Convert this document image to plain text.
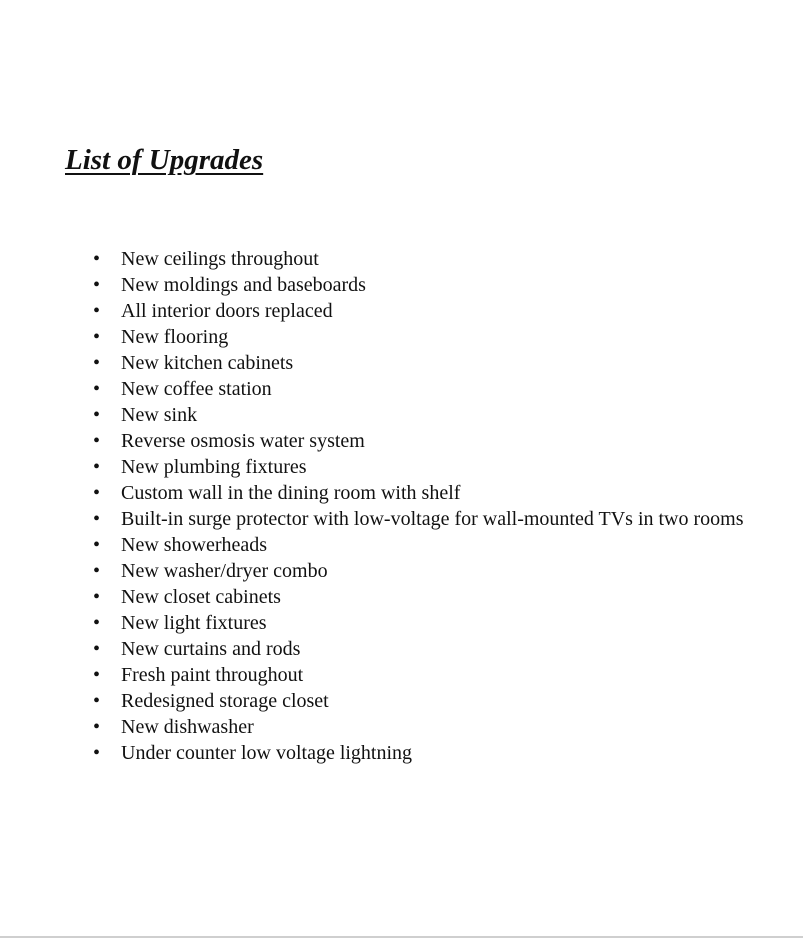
List of Upgrades
• New ceilings throughout
• New moldings and baseboards
• All interior doors replaced
• New flooring
• New kitchen cabinets
• New coffee station
• New sink
• Reverse osmosis water system
• New plumbing fixtures
• Custom wall in the dining room with shelf
• Built-in surge protector with low-voltage for wall-mounted TVs in two rooms
• New showerheads
• New washer/dryer combo
• New closet cabinets
• New light fixtures
• New curtains and rods
• Fresh paint throughout
• Redesigned storage closet
• New dishwasher
• Under counter low voltage lightning
